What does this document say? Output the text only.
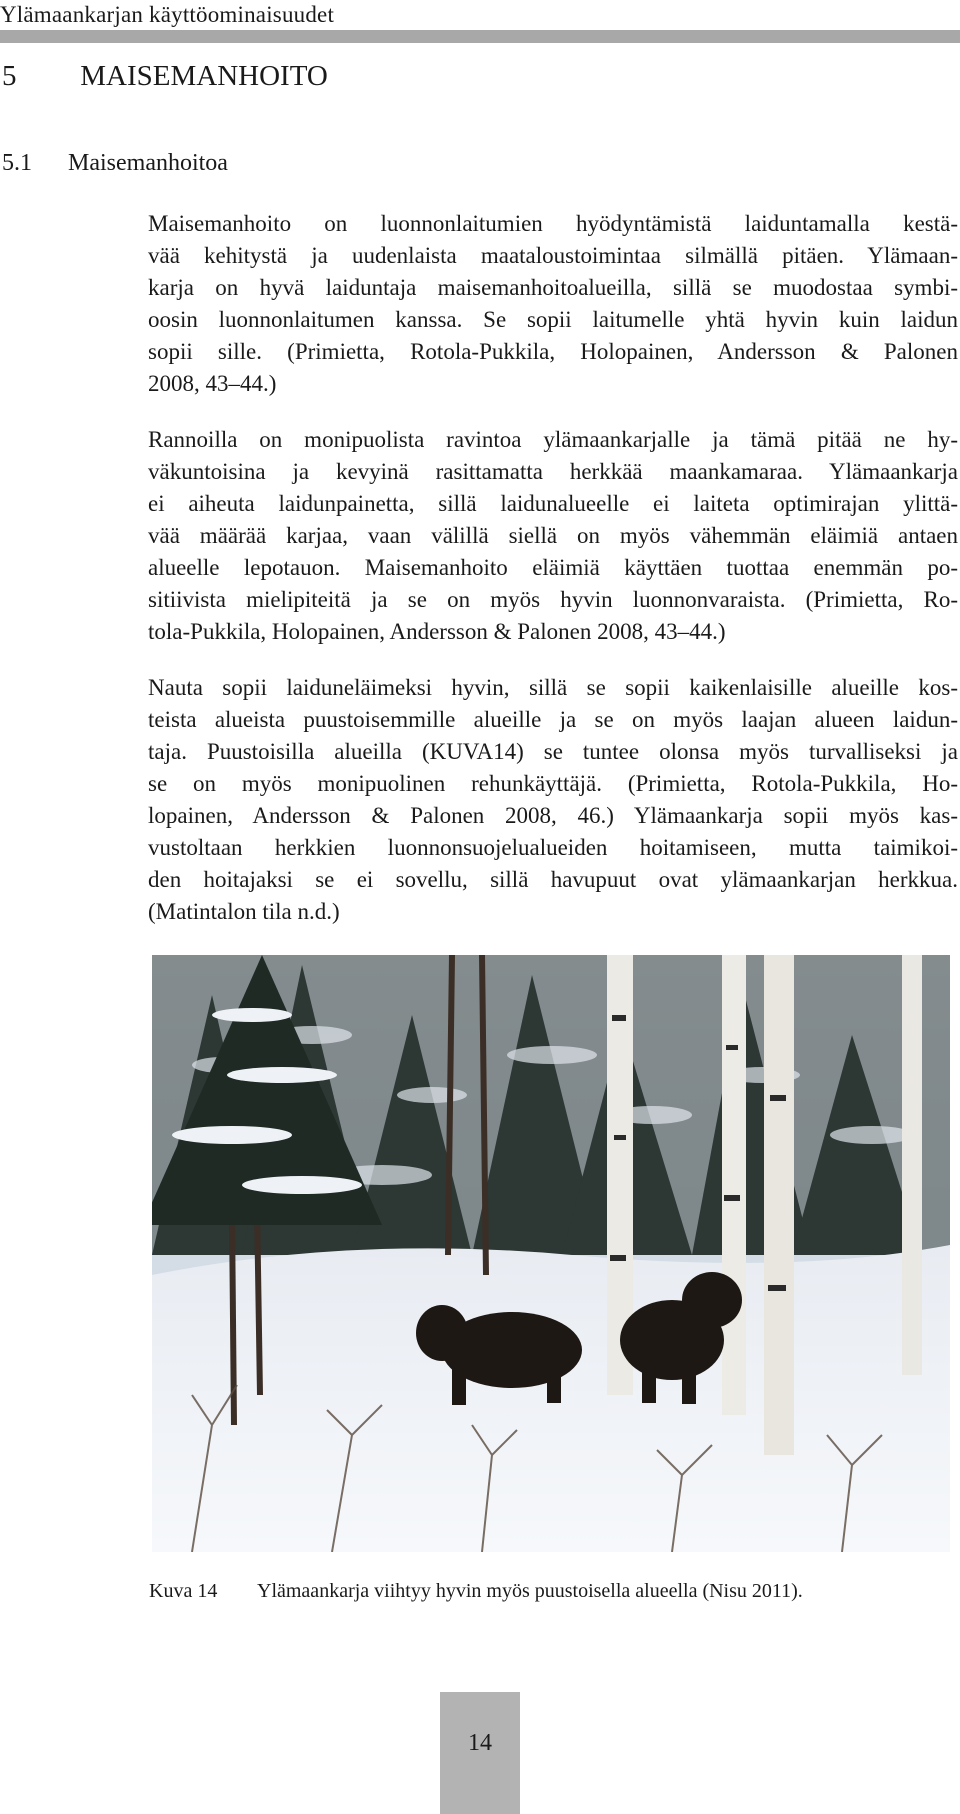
Ylämaankarjan käyttöominaisuudet
5   MAISEMANHOITO
5.1 Maisemanhoitoa
Maisemanhoito on luonnonlaitumien hyödyntämistä laiduntamalla kestä-
vää kehitystä ja uudenlaista maataloustoimintaa silmällä pitäen. Ylämaan-
karja on hyvä laiduntaja maisemanhoitoalueilla, sillä se muodostaa symbi-
oosin luonnonlaitumen kanssa. Se sopii laitumelle yhtä hyvin kuin laidun
sopii sille. (Primietta, Rotola-Pukkila, Holopainen, Andersson & Palonen
2008, 43–44.)
Rannoilla on monipuolista ravintoa ylämaankarjalle ja tämä pitää ne hy-
väkuntoisina ja kevyinä rasittamatta herkkää maankamaraa. Ylämaankarja
ei aiheuta laidunpainetta, sillä laidunalueelle ei laiteta optimirajan ylittä-
vää määrää karjaa, vaan välillä siellä on myös vähemmän eläimiä antaen
alueelle lepotauon. Maisemanhoito eläimiä käyttäen tuottaa enemmän po-
sitiivista mielipiteitä ja se on myös hyvin luonnonvaraista. (Primietta, Ro-
tola-Pukkila, Holopainen, Andersson & Palonen 2008, 43–44.)
Nauta sopii laiduneläimeksi hyvin, sillä se sopii kaikenlaisille alueille kos-
teista alueista puustoisemmille alueille ja se on myös laajan alueen laidun-
taja. Puustoisilla alueilla (KUVA14) se tuntee olonsa myös turvalliseksi ja
se on myös monipuolinen rehunkäyttäjä. (Primietta, Rotola-Pukkila, Ho-
lopainen, Andersson & Palonen 2008, 46.) Ylämaankarja sopii myös kas-
vustoltaan herkkien luonnonsuojelualueiden hoitamiseen, mutta taimikoi-
den hoitajaksi se ei sovellu, sillä havupuut ovat ylämaankarjan herkkua.
(Matintalon tila n.d.)
Kuva 14 Ylämaankarja viihtyy hyvin myös puustoisella alueella (Nisu 2011).
14
